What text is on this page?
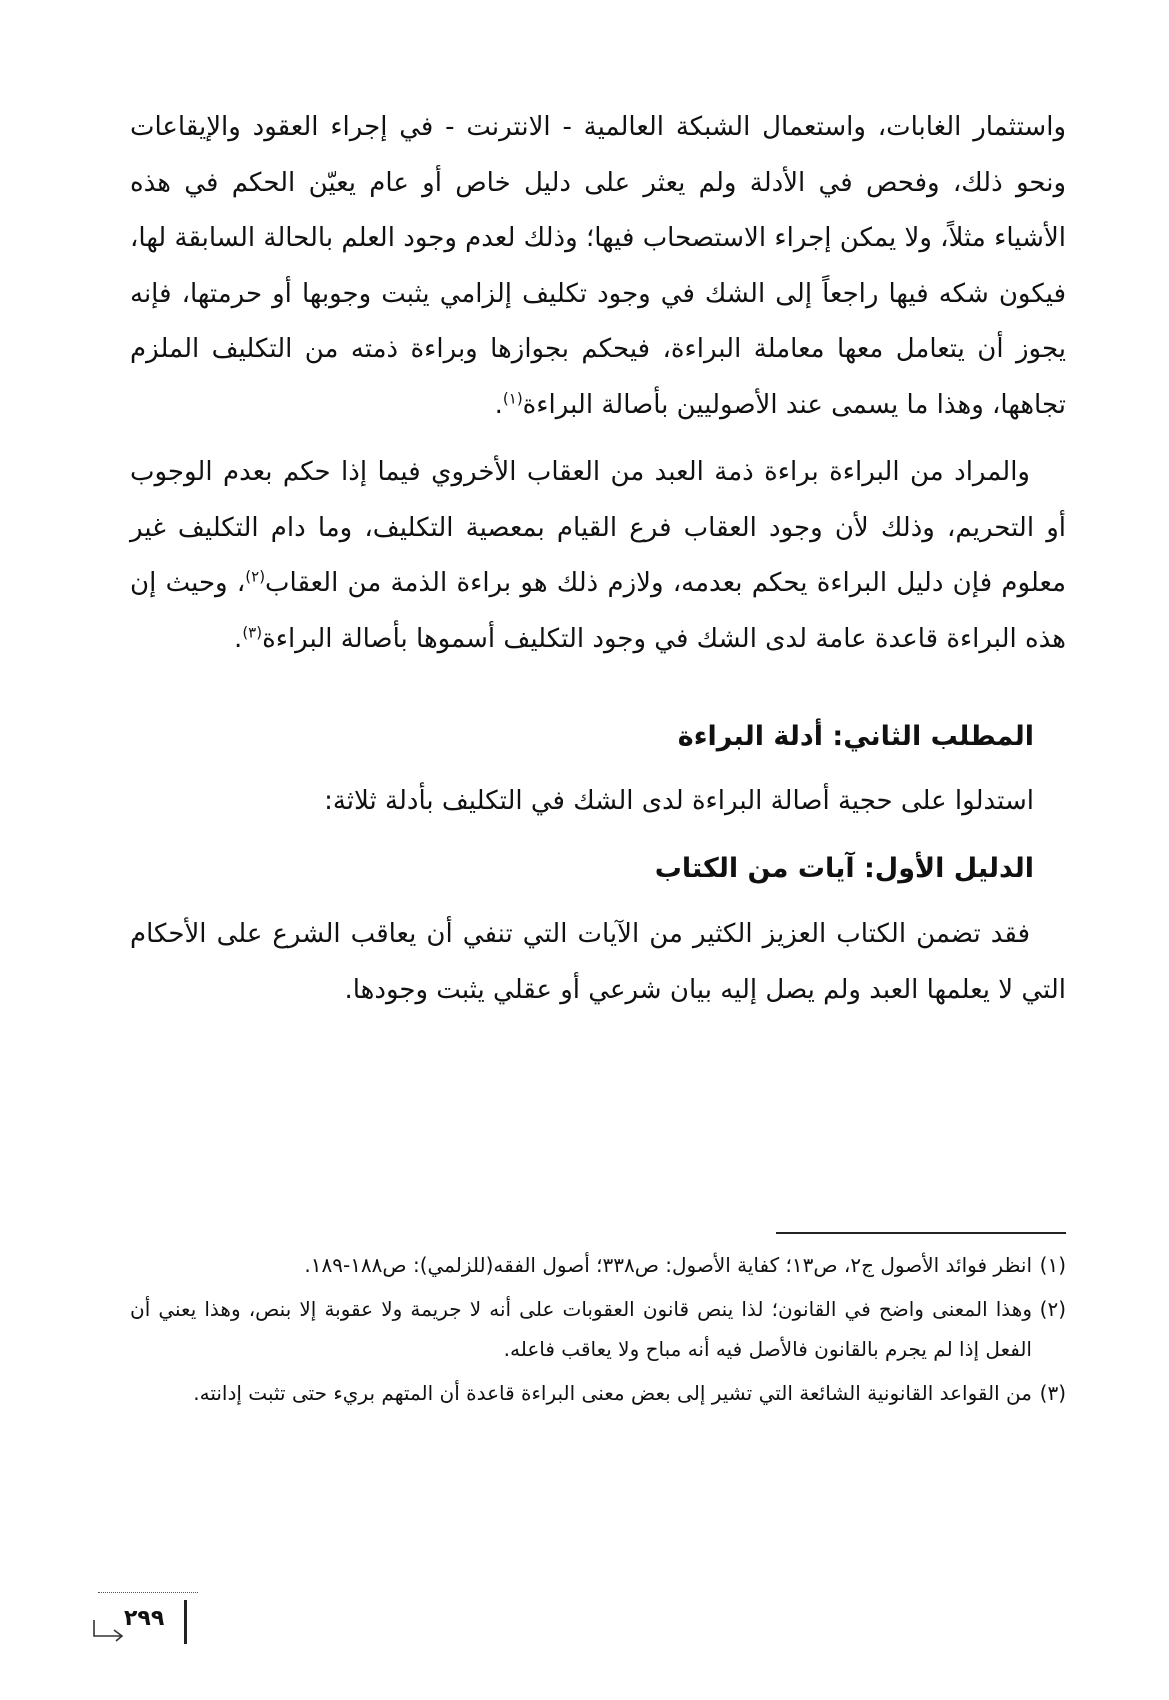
واستثمار الغابات، واستعمال الشبكة العالمية - الانترنت - في إجراء العقود والإيقاعات ونحو ذلك، وفحص في الأدلة ولم يعثر على دليل خاص أو عام يعيّن الحكم في هذه الأشياء مثلاً، ولا يمكن إجراء الاستصحاب فيها؛ وذلك لعدم وجود العلم بالحالة السابقة لها، فيكون شكه فيها راجعاً إلى الشك في وجود تكليف إلزامي يثبت وجوبها أو حرمتها، فإنه يجوز أن يتعامل معها معاملة البراءة، فيحكم بجوازها وبراءة ذمته من التكليف الملزم تجاهها، وهذا ما يسمى عند الأصوليين بأصالة البراءة$^{(١)}$.

والمراد من البراءة براءة ذمة العبد من العقاب الأخروي فيما إذا حكم بعدم الوجوب أو التحريم، وذلك لأن وجود العقاب فرع القيام بمعصية التكليف، وما دام التكليف غير معلوم فإن دليل البراءة يحكم بعدمه، ولازم ذلك هو براءة الذمة من العقاب$^{(٢)}$، وحيث إن هذه البراءة قاعدة عامة لدى الشك في وجود التكليف أسموها بأصالة البراءة$^{(٣)}$.

المطلب الثاني: أدلة البراءة

استدلوا على حجية أصالة البراءة لدى الشك في التكليف بأدلة ثلاثة:

الدليل الأول: آيات من الكتاب

فقد تضمن الكتاب العزيز الكثير من الآيات التي تنفي أن يعاقب الشرع على الأحكام التي لا يعلمها العبد ولم يصل إليه بيان شرعي أو عقلي يثبت وجودها.

(١)انظر فوائد الأصول ج٢، ص١٣؛ كفاية الأصول: ص٣٣٨؛ أصول الفقه(للزلمي): ص١٨٨-١٨٩.

(٢)وهذا المعنى واضح في القانون؛ لذا ينص قانون العقوبات على أنه لا جريمة ولا عقوبة إلا بنص، وهذا يعني أن الفعل إذا لم يجرم بالقانون فالأصل فيه أنه مباح ولا يعاقب فاعله.

(٣)من القواعد القانونية الشائعة التي تشير إلى بعض معنى البراءة قاعدة أن المتهم بريء حتى تثبت إدانته.

٢٩٩
